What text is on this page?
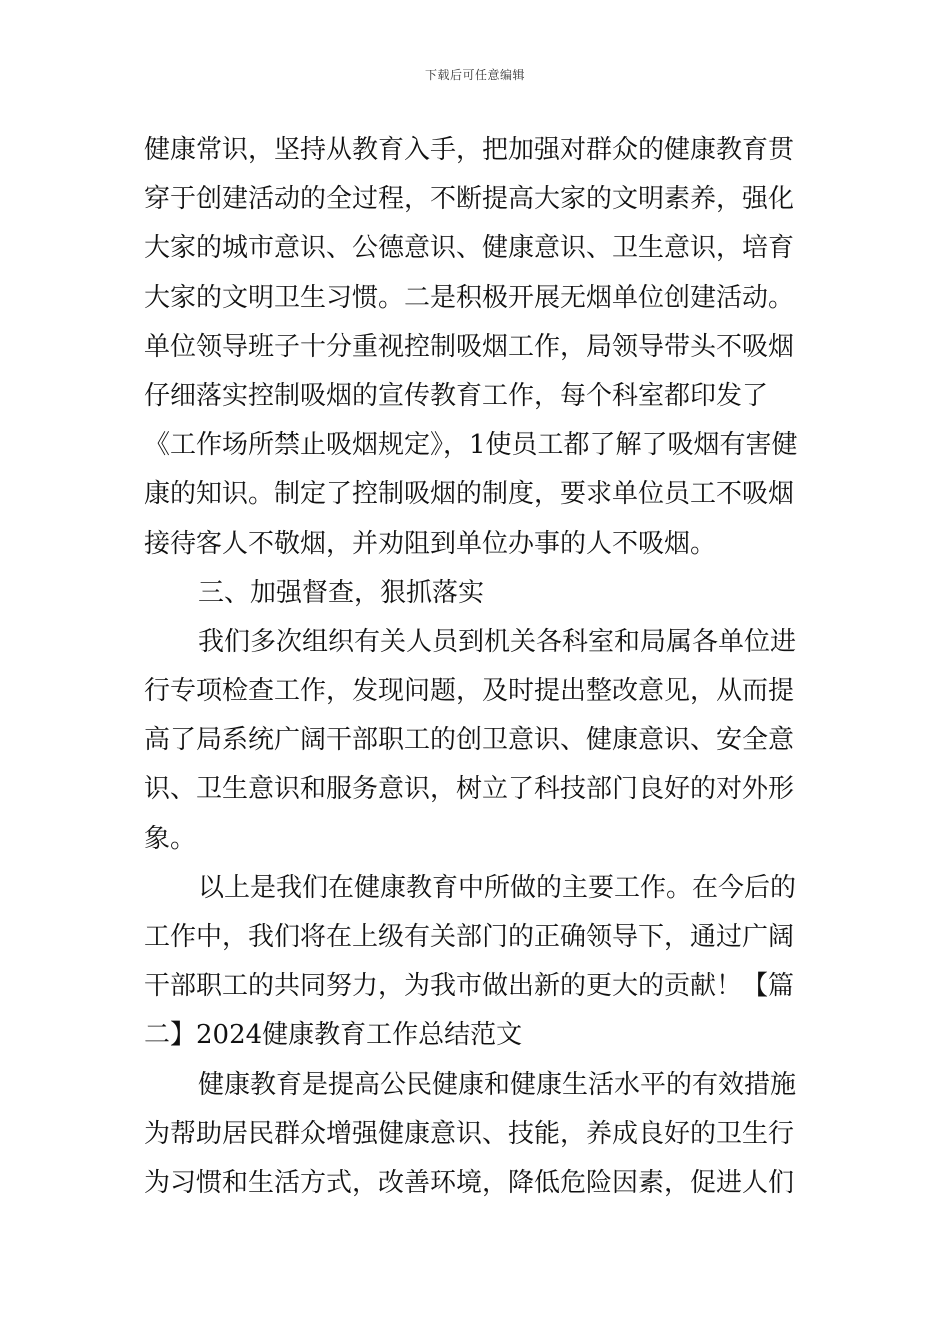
下载后可任意编辑
健康常识，坚持从教育入手，把加强对群众的健康教育贯
穿于创建活动的全过程，不断提高大家的文明素养，强化
大家的城市意识、公德意识、健康意识、卫生意识，培育
大家的文明卫生习惯。二是积极开展无烟单位创建活动。
单位领导班子十分重视控制吸烟工作，局领导带头不吸烟
仔细落实控制吸烟的宣传教育工作，每个科室都印发了
《工作场所禁止吸烟规定》，1使员工都了解了吸烟有害健
康的知识。制定了控制吸烟的制度，要求单位员工不吸烟
接待客人不敬烟，并劝阻到单位办事的人不吸烟。
三、加强督查，狠抓落实
我们多次组织有关人员到机关各科室和局属各单位进
行专项检查工作，发现问题，及时提出整改意见，从而提
高了局系统广阔干部职工的创卫意识、健康意识、安全意
识、卫生意识和服务意识，树立了科技部门良好的对外形
象。
以上是我们在健康教育中所做的主要工作。在今后的
工作中，我们将在上级有关部门的正确领导下，通过广阔
干部职工的共同努力，为我市做出新的更大的贡献！【篇
二】2024健康教育工作总结范文
健康教育是提高公民健康和健康生活水平的有效措施
为帮助居民群众增强健康意识、技能，养成良好的卫生行
为习惯和生活方式，改善环境，降低危险因素，促进人们
